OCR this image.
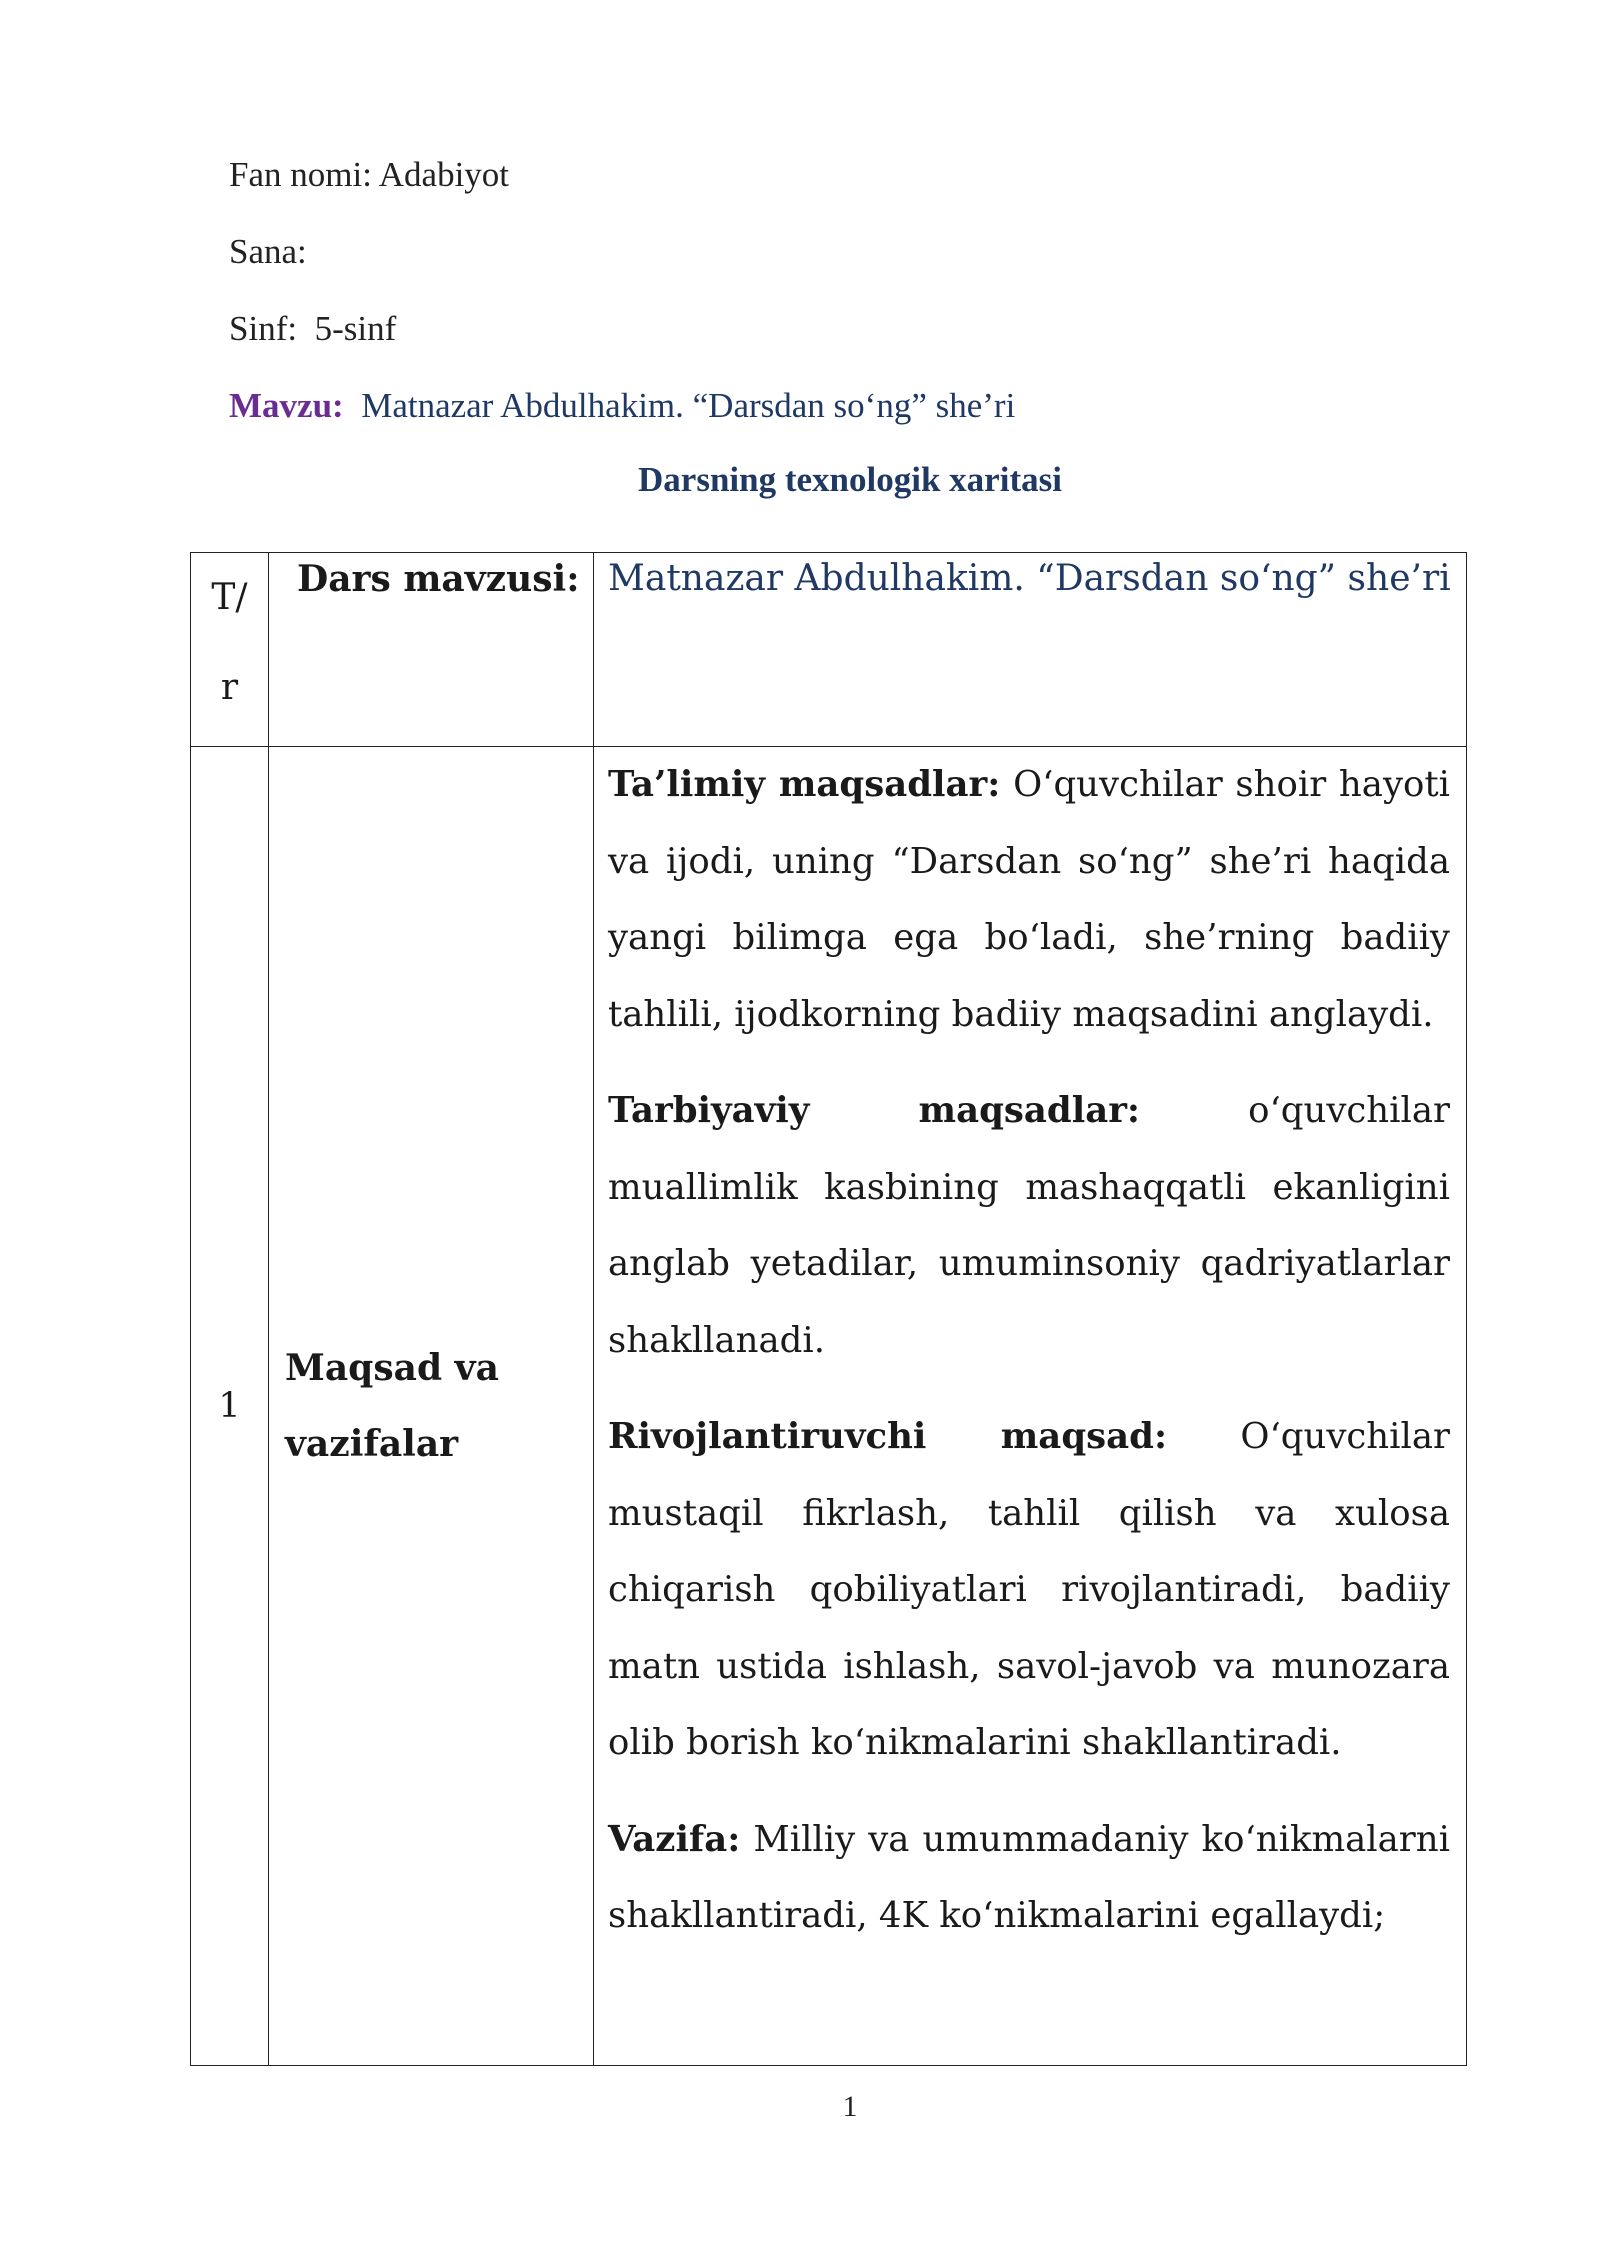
Fan nomi: Adabiyot
Sana:
Sinf: 5-sinf
Mavzu: Matnazar Abdulhakim. “Darsdan so‘ng” she’ri
Darsning texnologik xaritasi
T/ r	Dars mavzusi:	Matnazar Abdulhakim. “Darsdan so‘ng” she’ri

1	Maqsad va vazifalar	Ta’limiy maqsadlar: O‘quvchilar shoir hayoti va ijodi, uning “Darsdan so‘ng” she’ri haqida yangi bilimga ega bo‘ladi, she’rning badiiy tahlili, ijodkorning badiiy maqsadini anglaydi.

Tarbiyaviy maqsadlar: o‘quvchilar muallimlik kasbining mashaqqatli ekanligini anglab yetadilar, umuminsoniy qadriyatlarlar shakllanadi.

Rivojlantiruvchi maqsad: O‘quvchilar mustaqil fikrlash, tahlil qilish va xulosa chiqarish qobiliyatlari rivojlantiradi, badiiy matn ustida ishlash, savol-javob va munozara olib borish ko‘nikmalarini shakllantiradi.

Vazifa: Milliy va umummadaniy ko‘nikmalarni shakllantiradi, 4K ko‘nikmalarini egallaydi;

1
